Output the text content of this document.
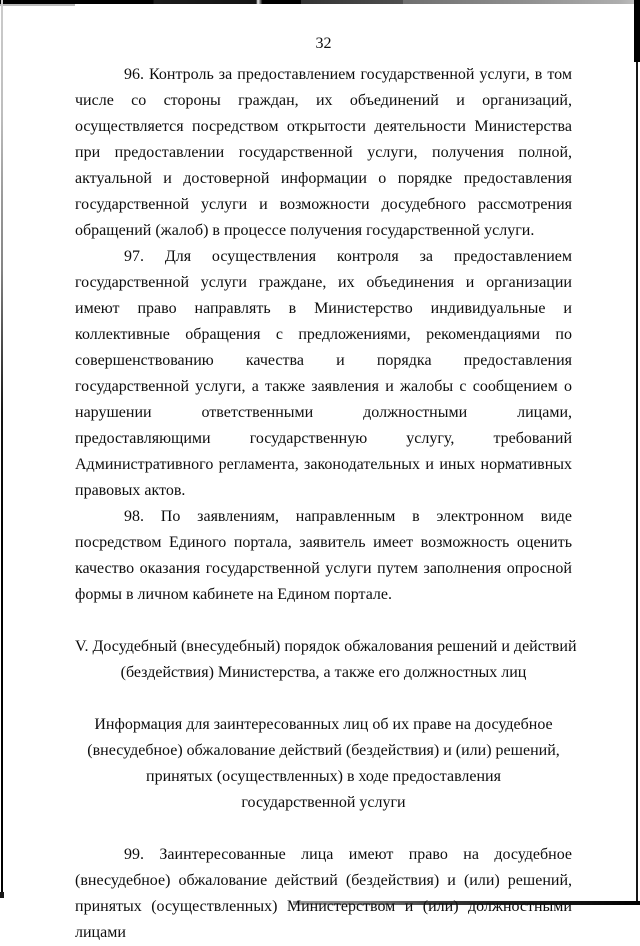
32

96. Контроль за предоставлением государственной услуги, в том числе со стороны граждан, их объединений и организаций, осуществляется посредством открытости деятельности Министерства при предоставлении государственной услуги, получения полной, актуальной и достоверной информации о порядке предоставления государственной услуги и возможности досудебного рассмотрения обращений (жалоб) в процессе получения государственной услуги.

97. Для осуществления контроля за предоставлением государственной услуги граждане, их объединения и организации имеют право направлять в Министерство индивидуальные и коллективные обращения с предложениями, рекомендациями по совершенствованию качества и порядка предоставления государственной услуги, а также заявления и жалобы с сообщением о нарушении ответственными должностными лицами, предоставляющими государственную услугу, требований Административного регламента, законодательных и иных нормативных правовых актов.

98. По заявлениям, направленным в электронном виде посредством Единого портала, заявитель имеет возможность оценить качество оказания государственной услуги путем заполнения опросной формы в личном кабинете на Едином портале.

V. Досудебный (внесудебный) порядок обжалования решений и действий
(бездействия) Министерства, а также его должностных лиц
Информация для заинтересованных лиц об их праве на досудебное
(внесудебное) обжалование действий (бездействия) и (или) решений,
принятых (осуществленных) в ходе предоставления
государственной услуги

99. Заинтересованные лица имеют право на досудебное (внесудебное) обжалование действий (бездействия) и (или) решений, принятых (осуществленных) Министерством и (или) должностными лицами
